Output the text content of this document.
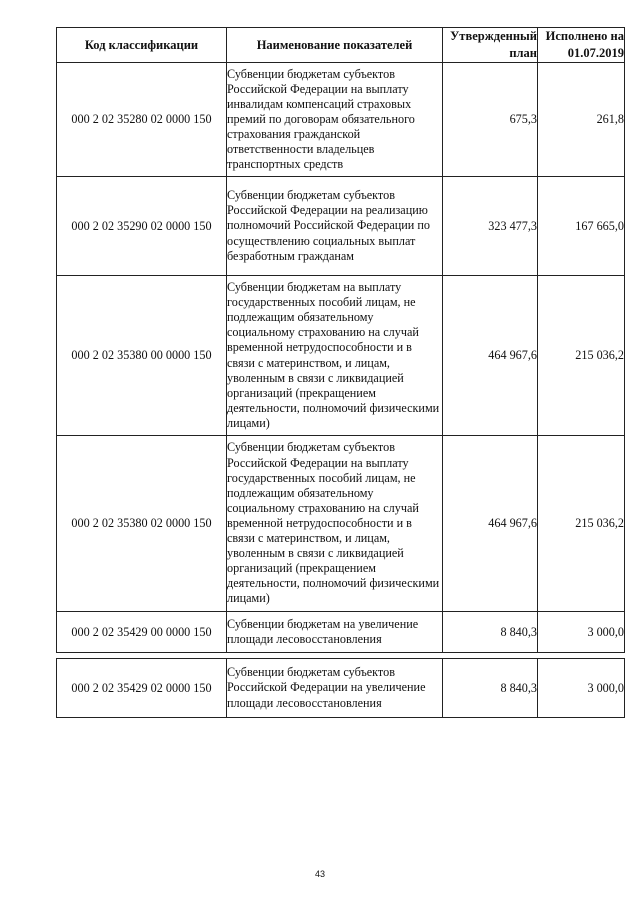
Код классификации	Наименование показателей	Утвержденный план	Исполнено на 01.07.2019
000 2 02 35280 02 0000 150	Субвенции бюджетам субъектов Российской Федерации на выплату инвалидам компенсаций страховых премий по договорам обязательного страхования гражданской ответственности владельцев транспортных средств	675,3	261,8
000 2 02 35290 02 0000 150	Субвенции бюджетам субъектов Российской Федерации на реализацию полномочий Российской Федерации по осуществлению социальных выплат безработным гражданам	323 477,3	167 665,0
000 2 02 35380 00 0000 150	Субвенции бюджетам на выплату государственных пособий лицам, не подлежащим обязательному социальному страхованию на случай временной нетрудоспособности и в связи с материнством, и лицам, уволенным в связи с ликвидацией организаций (прекращением деятельности, полномочий физическими лицами)	464 967,6	215 036,2
000 2 02 35380 02 0000 150	Субвенции бюджетам субъектов Российской Федерации на выплату государственных пособий лицам, не подлежащим обязательному социальному страхованию на случай временной нетрудоспособности и в связи с материнством, и лицам, уволенным в связи с ликвидацией организаций (прекращением деятельности, полномочий физическими лицами)	464 967,6	215 036,2
000 2 02 35429 00 0000 150	Субвенции бюджетам на увеличение площади лесовосстановления	8 840,3	3 000,0

000 2 02 35429 02 0000 150	Субвенции бюджетам субъектов Российской Федерации на увеличение площади лесовосстановления	8 840,3	3 000,0
43
